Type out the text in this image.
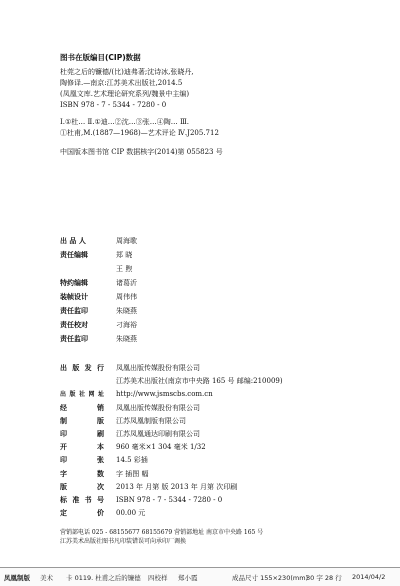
图书在版编目(CIP)数据
杜莞之后的镰德/(比)迪弗著;沈诗冰,张晓丹,
陶修译.—南京:江苏美术出版社,2014.5
(凤凰文库.艺术理论研究系列/魏景中主编)
ISBN 978 - 7 - 5344 - 7280 - 0
Ⅰ.①杜… Ⅱ.①迪…②沈…③张…④陶… Ⅲ.
①杜甫,M.(1887—1968)—艺术评论 Ⅳ.J205.712
中国版本图书馆 CIP 数据核字(2014)第 055823 号
出 品 人	周海歌
责任编辑	郑 晓
王 煦
特约编辑	诸葛沂
装帧设计	周伟伟
责任监印	朱晓燕
责任校对	刁海裕
责任监印	朱晓燕
出版发行 凤凰出版传媒股份有限公司
江苏美术出版社(南京市中央路 165 号 邮编:210009)
出版社网址 http://www.jsmscbs.com.cn
经 销 凤凰出版传媒股份有限公司
制 版 江苏凤凰制版有限公司
印 刷 江苏凤凰通达印刷有限公司
开 本 960 毫米×1 304 毫米 1/32
印 张 14.5 彩插
字 数 字 插图 幅
版 次 2013 年 月第 版 2013 年 月第 次印刷
标准书号 ISBN 978 - 7 - 5344 - 7280 - 0
定 价 00.00 元
营销部电话 025 - 68155677 68155679 营销部地址 南京市中央路 165 号
江苏美术出版社图书凡印装错误可向承印厂调换
凤凰制版 美术 卡 0119. 杜甫之后的镰德 四校样 郑小霞	成品尺寸 155×230(mm)
30 字 28 行 2014/04/2
